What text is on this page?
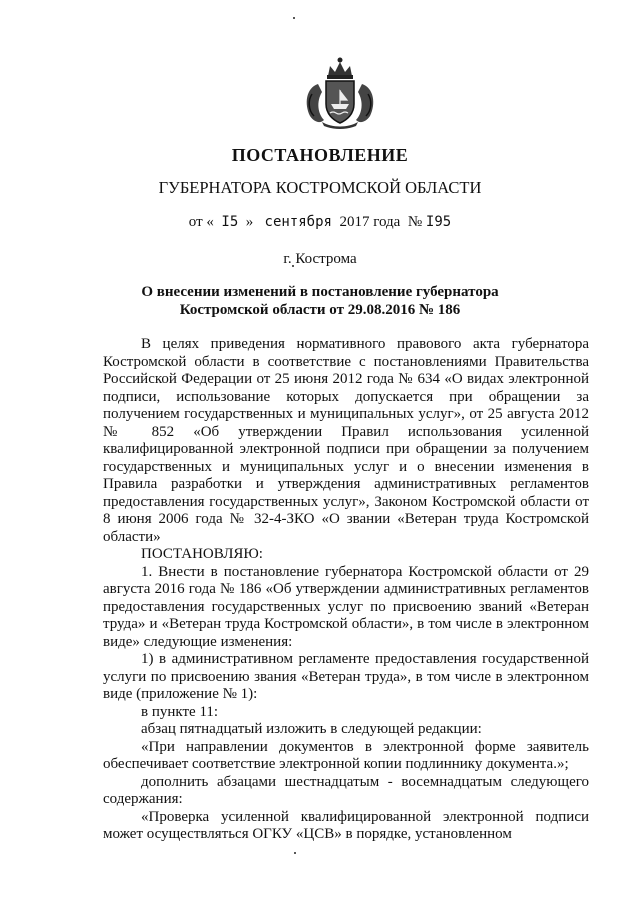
ПОСТАНОВЛЕНИЕ
ГУБЕРНАТОРА КОСТРОМСКОЙ ОБЛАСТИ
от « I5 » сентября 2017 года № I95
г. Кострома
О внесении изменений в постановление губернатора
Костромской области от 29.08.2016 № 186

В целях приведения нормативного правового акта губернатора Костромской области в соответствие с постановлениями Правительства Российской Федерации от 25 июня 2012 года № 634 «О видах электронной подписи, использование которых допускается при обращении за получением государственных и муниципальных услуг», от 25 августа 2012 № 852 «Об утверждении Правил использования усиленной квалифицированной электронной подписи при обращении за получением государственных и муниципальных услуг и о внесении изменения в Правила разработки и утверждения административных регламентов предоставления государственных услуг», Законом Костромской области от 8 июня 2006 года № 32-4-ЗКО «О звании «Ветеран труда Костромской области»

ПОСТАНОВЛЯЮ:

1. Внести в постановление губернатора Костромской области от 29 августа 2016 года № 186 «Об утверждении административных регламентов предоставления государственных услуг по присвоению званий «Ветеран труда» и «Ветеран труда Костромской области», в том числе в электронном виде» следующие изменения:

1) в административном регламенте предоставления государственной услуги по присвоению звания «Ветеран труда», в том числе в электронном виде (приложение № 1):

в пункте 11:

абзац пятнадцатый изложить в следующей редакции:

«При направлении документов в электронной форме заявитель обеспечивает соответствие электронной копии подлиннику документа.»;

дополнить абзацами шестнадцатым - восемнадцатым следующего содержания:

«Проверка усиленной квалифицированной электронной подписи может осуществляться ОГКУ «ЦСВ» в порядке, установленном
